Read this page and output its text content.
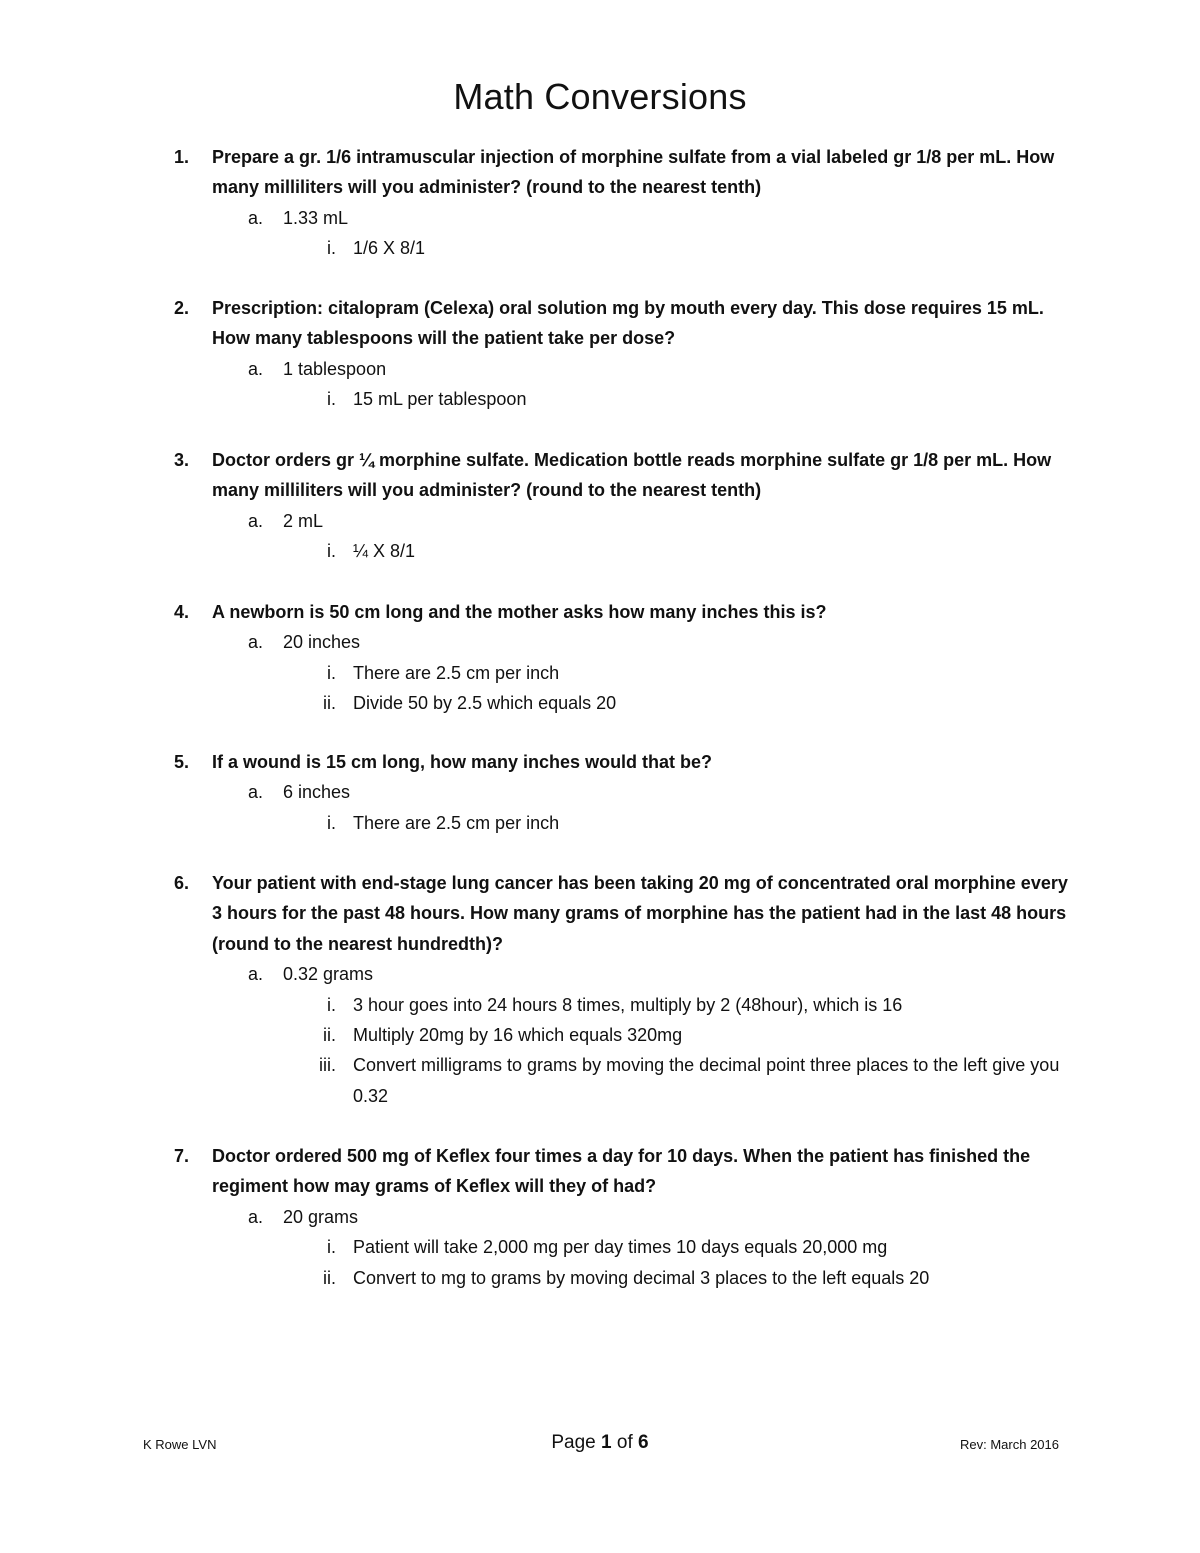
Math Conversions
1. Prepare a gr. 1/6 intramuscular injection of morphine sulfate from a vial labeled gr 1/8 per mL. How many milliliters will you administer? (round to the nearest tenth)
a. 1.33 mL
i. 1/6 X 8/1
2. Prescription: citalopram (Celexa) oral solution mg by mouth every day. This dose requires 15 mL. How many tablespoons will the patient take per dose?
a. 1 tablespoon
i. 15 mL per tablespoon
3. Doctor orders gr ¼ morphine sulfate. Medication bottle reads morphine sulfate gr 1/8 per mL. How many milliliters will you administer? (round to the nearest tenth)
a. 2 mL
i. ¼ X 8/1
4. A newborn is 50 cm long and the mother asks how many inches this is?
a. 20 inches
i. There are 2.5 cm per inch
ii. Divide 50 by 2.5 which equals 20
5. If a wound is 15 cm long, how many inches would that be?
a. 6 inches
i. There are 2.5 cm per inch
6. Your patient with end-stage lung cancer has been taking 20 mg of concentrated oral morphine every 3 hours for the past 48 hours. How many grams of morphine has the patient had in the last 48 hours (round to the nearest hundredth)?
a. 0.32 grams
i. 3 hour goes into 24 hours 8 times, multiply by 2 (48hour), which is 16
ii. Multiply 20mg by 16 which equals 320mg
iii. Convert milligrams to grams by moving the decimal point three places to the left give you 0.32
7. Doctor ordered 500 mg of Keflex four times a day for 10 days. When the patient has finished the regiment how may grams of Keflex will they of had?
a. 20 grams
i. Patient will take 2,000 mg per day times 10 days equals 20,000 mg
ii. Convert to mg to grams by moving decimal 3 places to the left equals 20
K Rowe LVN	Page 1 of 6	Rev: March 2016
